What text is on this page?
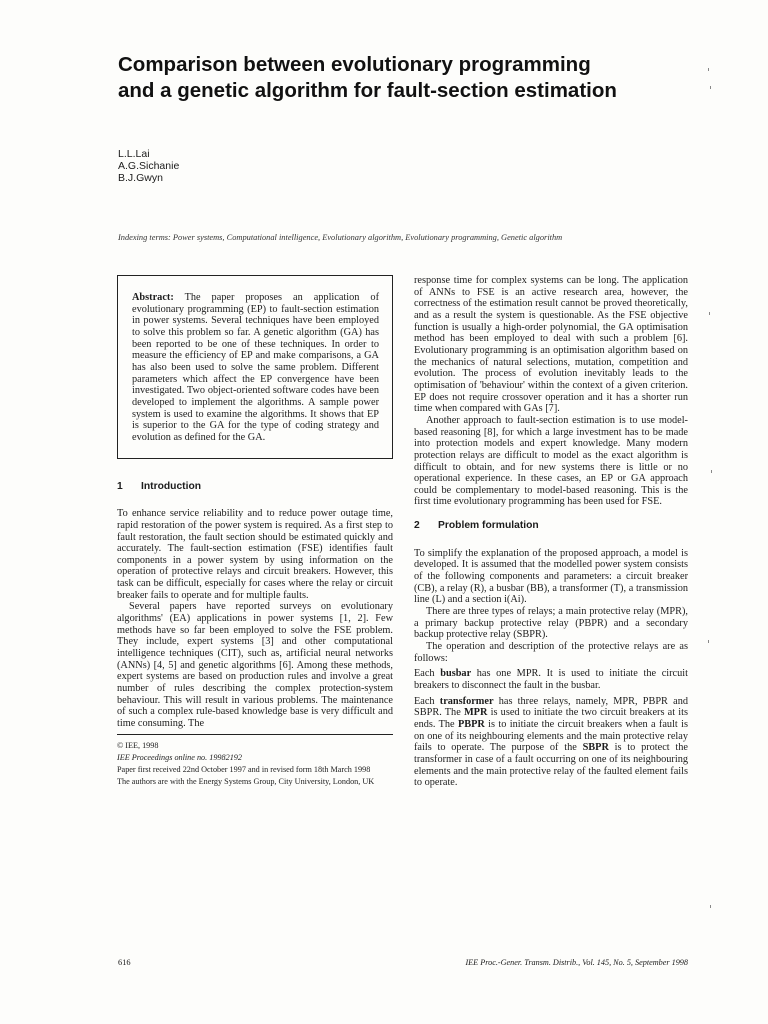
Comparison between evolutionary programming
and a genetic algorithm for fault-section estimation
L.L.Lai
A.G.Sichanie
B.J.Gwyn
Indexing terms: Power systems, Computational intelligence, Evolutionary algorithm, Evolutionary programming, Genetic algorithm

Abstract: The paper proposes an application of evolutionary programming (EP) to fault-section estimation in power systems. Several techniques have been employed to solve this problem so far. A genetic algorithm (GA) has been reported to be one of these techniques. In order to measure the efficiency of EP and make comparisons, a GA has also been used to solve the same problem. Different parameters which affect the EP convergence have been investigated. Two object-oriented software codes have been developed to implement the algorithms. A sample power system is used to examine the algorithms. It shows that EP is superior to the GA for the type of coding strategy and evolution as defined for the GA.

1 Introduction

To enhance service reliability and to reduce power outage time, rapid restoration of the power system is required. As a first step to fault restoration, the fault section should be estimated quickly and accurately. The fault-section estimation (FSE) identifies fault components in a power system by using information on the operation of protective relays and circuit breakers. However, this task can be difficult, especially for cases where the relay or circuit breaker fails to operate and for multiple faults.

Several papers have reported surveys on evolutionary algorithms' (EA) applications in power systems [1, 2]. Few methods have so far been employed to solve the FSE problem. They include, expert systems [3] and other computational intelligence techniques (CIT), such as, artificial neural networks (ANNs) [4, 5] and genetic algorithms [6]. Among these methods, expert systems are based on production rules and involve a great number of rules describing the complex protection-system behaviour. This will result in various problems. The maintenance of such a complex rule-based knowledge base is very difficult and time consuming. The

© IEE, 1998

IEE Proceedings online no. 19982192

Paper first received 22nd October 1997 and in revised form 18th March 1998

The authors are with the Energy Systems Group, City University, London, UK

response time for complex systems can be long. The application of ANNs to FSE is an active research area, however, the correctness of the estimation result cannot be proved theoretically, and as a result the system is questionable. As the FSE objective function is usually a high-order polynomial, the GA optimisation method has been employed to deal with such a problem [6]. Evolutionary programming is an optimisation algorithm based on the mechanics of natural selections, mutation, competition and evolution. The process of evolution inevitably leads to the optimisation of 'behaviour' within the context of a given criterion. EP does not require crossover operation and it has a shorter run time when compared with GAs [7].

Another approach to fault-section estimation is to use model-based reasoning [8], for which a large investment has to be made into protection models and expert knowledge. Many modern protection relays are difficult to model as the exact algorithm is difficult to obtain, and for new systems there is little or no operational experience. In these cases, an EP or GA approach could be complementary to model-based reasoning. This is the first time evolutionary programming has been used for FSE.

2 Problem formulation

To simplify the explanation of the proposed approach, a model is developed. It is assumed that the modelled power system consists of the following components and parameters: a circuit breaker (CB), a relay (R), a busbar (BB), a transformer (T), a transmission line (L) and a section i(Ai).

There are three types of relays; a main protective relay (MPR), a primary backup protective relay (PBPR) and a secondary backup protective relay (SBPR).

The operation and description of the protective relays are as follows:

Each busbar has one MPR. It is used to initiate the circuit breakers to disconnect the fault in the busbar.

Each transformer has three relays, namely, MPR, PBPR and SBPR. The MPR is used to initiate the two circuit breakers at its ends. The PBPR is to initiate the circuit breakers when a fault is on one of its neighbouring elements and the main protective relay fails to operate. The purpose of the SBPR is to protect the transformer in case of a fault occurring on one of its neighbouring elements and the main protective relay of the faulted element fails to operate.

616	IEE Proc.-Gener. Transm. Distrib., Vol. 145, No. 5, September 1998
